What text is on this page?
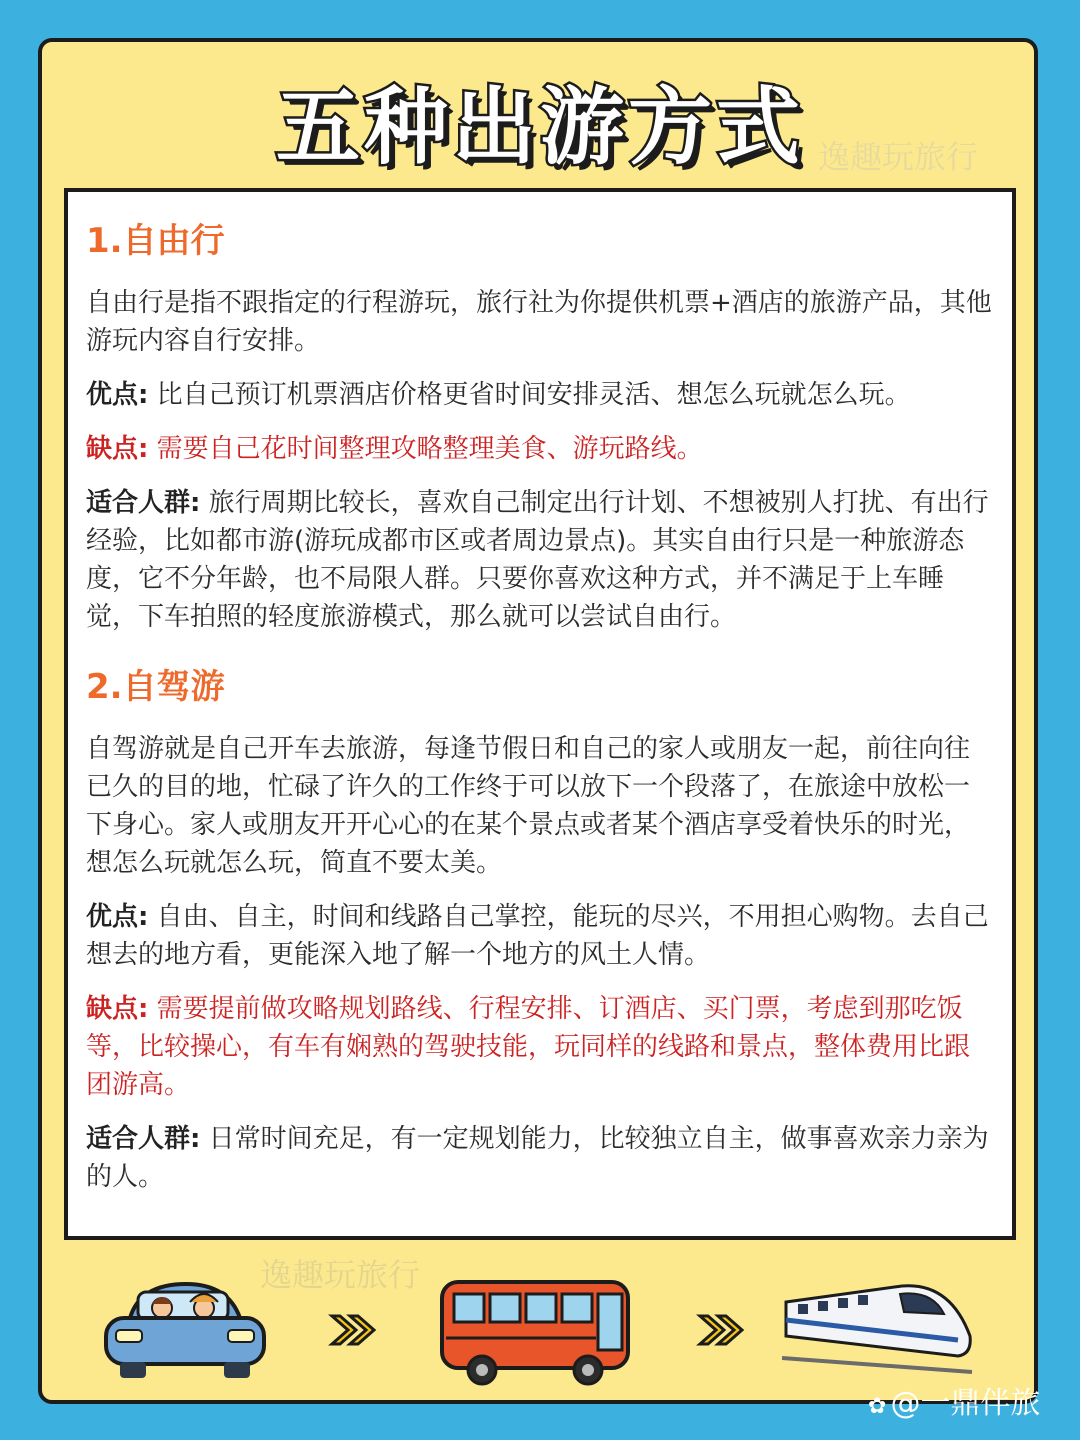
五种出游方式 逸趣玩旅行
1.自由行

自由行是指不跟指定的行程游玩，旅行社为你提供机票+酒店的旅游产品，其他游玩内容自行安排。

优点: 比自己预订机票酒店价格更省时间安排灵活、想怎么玩就怎么玩。

缺点: 需要自己花时间整理攻略整理美食、游玩路线。

适合人群: 旅行周期比较长，喜欢自己制定出行计划、不想被别人打扰、有出行经验，比如都市游(游玩成都市区或者周边景点)。其实自由行只是一种旅游态度，它不分年龄，也不局限人群。只要你喜欢这种方式，并不满足于上车睡觉，下车拍照的轻度旅游模式，那么就可以尝试自由行。

2.自驾游

自驾游就是自己开车去旅游，每逢节假日和自己的家人或朋友一起，前往向往已久的目的地，忙碌了许久的工作终于可以放下一个段落了，在旅途中放松一下身心。家人或朋友开开心心的在某个景点或者某个酒店享受着快乐的时光，想怎么玩就怎么玩，简直不要太美。

优点: 自由、自主，时间和线路自己掌控，能玩的尽兴，不用担心购物。去自己想去的地方看，更能深入地了解一个地方的风土人情。

缺点: 需要提前做攻略规划路线、行程安排、订酒店、买门票，考虑到那吃饭等，比较操心，有车有娴熟的驾驶技能，玩同样的线路和景点，整体费用比跟团游高。

适合人群: 日常时间充足，有一定规划能力，比较独立自主，做事喜欢亲力亲为的人。

逸趣玩旅行
✿ @一鼎伴旅
